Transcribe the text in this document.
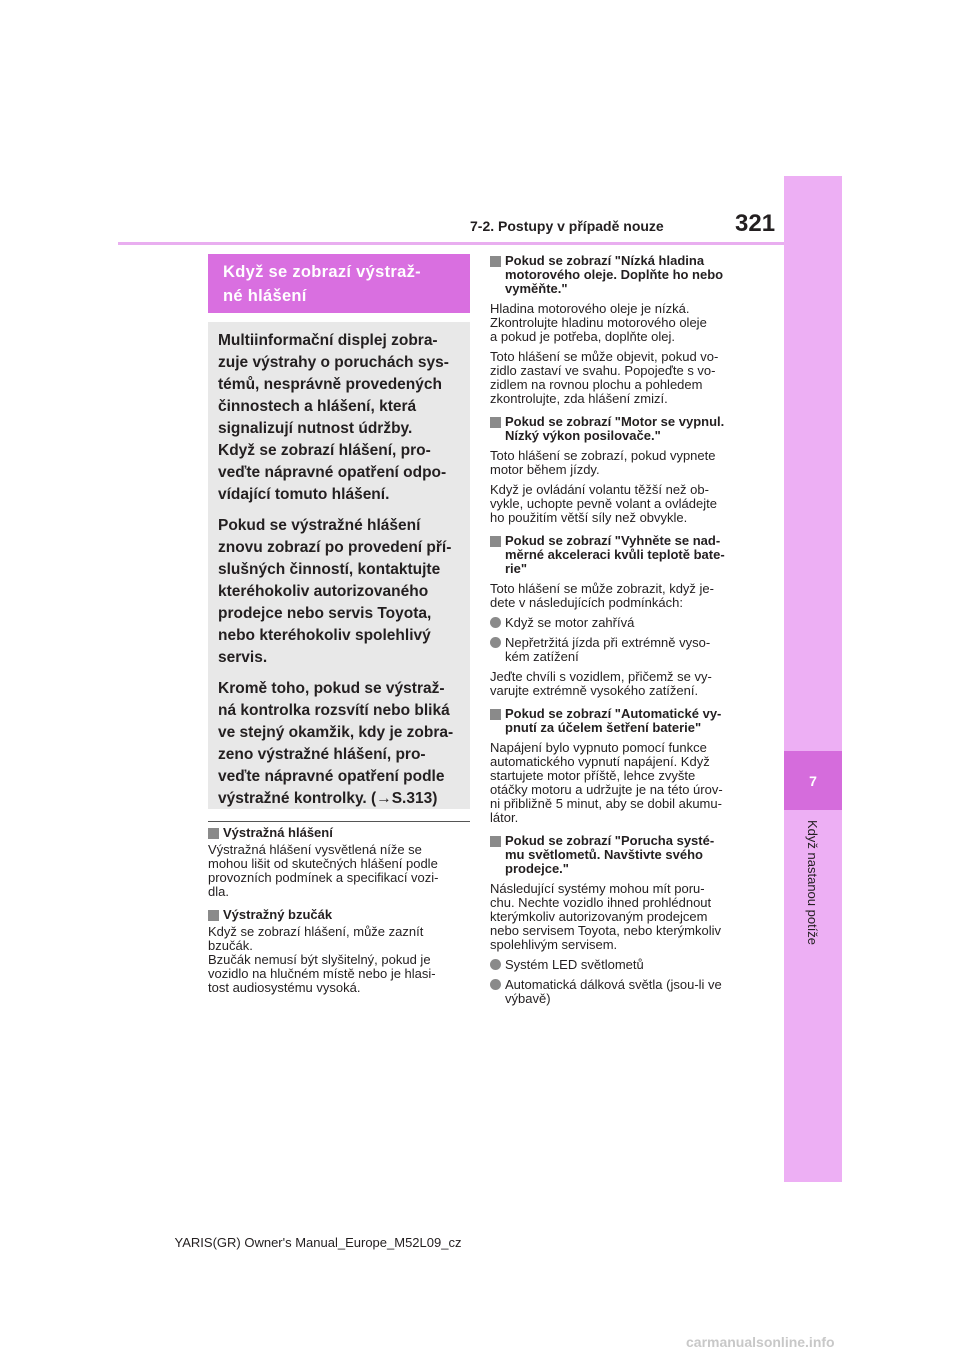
7-2. Postupy v případě nouze	321
7
Když nastanou potíže
Když se zobrazí výstraž-
né hlášení

Multiinformační displej zobra-
zuje výstrahy o poruchách sys-
témů, nesprávně provedených
činnostech a hlášení, která
signalizují nutnost údržby.
Když se zobrazí hlášení, pro-
veďte nápravné opatření odpo-
vídající tomuto hlášení.

Pokud se výstražné hlášení
znovu zobrazí po provedení pří-
slušných činností, kontaktujte
kteréhokoliv autorizovaného
prodejce nebo servis Toyota,
nebo kteréhokoliv spolehlivý
servis.

Kromě toho, pokud se výstraž-
ná kontrolka rozsvítí nebo bliká
ve stejný okamžik, kdy je zobra-
zeno výstražné hlášení, pro-
veďte nápravné opatření podle
výstražné kontrolky. (→S.313)

Výstražná hlášení
Výstražná hlášení vysvětlená níže se
mohou lišit od skutečných hlášení podle
provozních podmínek a specifikací vozi-
dla.
Výstražný bzučák
Když se zobrazí hlášení, může zaznít
bzučák.
Bzučák nemusí být slyšitelný, pokud je
vozidlo na hlučném místě nebo je hlasi-
tost audiosystému vysoká.
Pokud se zobrazí "Nízká hladina
motorového oleje. Doplňte ho nebo
vyměňte."
Hladina motorového oleje je nízká.
Zkontrolujte hladinu motorového oleje
a pokud je potřeba, doplňte olej.
Toto hlášení se může objevit, pokud vo-
zidlo zastaví ve svahu. Popojeďte s vo-
zidlem na rovnou plochu a pohledem
zkontrolujte, zda hlášení zmizí.
Pokud se zobrazí "Motor se vypnul.
Nízký výkon posilovače."
Toto hlášení se zobrazí, pokud vypnete
motor během jízdy.
Když je ovládání volantu těžší než ob-
vykle, uchopte pevně volant a ovládejte
ho použitím větší síly než obvykle.
Pokud se zobrazí "Vyhněte se nad-
měrné akceleraci kvůli teplotě bate-
rie"
Toto hlášení se může zobrazit, když je-
dete v následujících podmínkách:
Když se motor zahřívá
Nepřetržitá jízda při extrémně vyso-
kém zatížení
Jeďte chvíli s vozidlem, přičemž se vy-
varujte extrémně vysokého zatížení.
Pokud se zobrazí "Automatické vy-
pnutí za účelem šetření baterie"
Napájení bylo vypnuto pomocí funkce
automatického vypnutí napájení. Když
startujete motor příště, lehce zvyšte
otáčky motoru a udržujte je na této úrov-
ni přibližně 5 minut, aby se dobil akumu-
látor.
Pokud se zobrazí "Porucha systé-
mu světlometů. Navštivte svého
prodejce."
Následující systémy mohou mít poru-
chu. Nechte vozidlo ihned prohlédnout
kterýmkoliv autorizovaným prodejcem
nebo servisem Toyota, nebo kterýmkoliv
spolehlivým servisem.
Systém LED světlometů
Automatická dálková světla (jsou-li ve
výbavě)
YARIS(GR) Owner's Manual_Europe_M52L09_cz
carmanualsonline.info
